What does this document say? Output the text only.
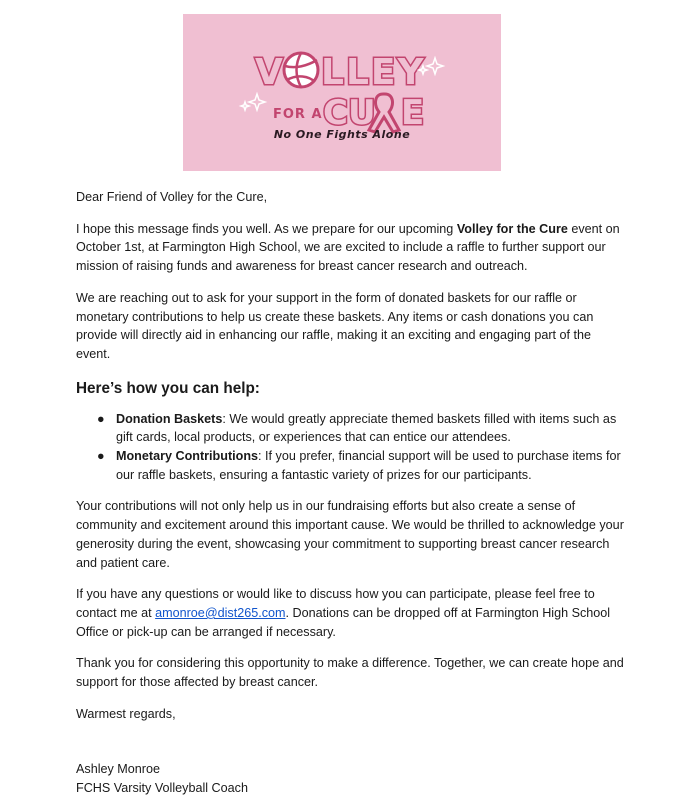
V LLEY
FOR A CU E
No One Fights Alone

Dear Friend of Volley for the Cure,

I hope this message finds you well. As we prepare for our upcoming Volley for the Cure event on October 1st, at Farmington High School, we are excited to include a raffle to further support our mission of raising funds and awareness for breast cancer research and outreach.

We are reaching out to ask for your support in the form of donated baskets for our raffle or monetary contributions to help us create these baskets. Any items or cash donations you can provide will directly aid in enhancing our raffle, making it an exciting and engaging part of the event.

Here’s how you can help:
● Donation Baskets: We would greatly appreciate themed baskets filled with items such as gift cards, local products, or experiences that can entice our attendees.
● Monetary Contributions: If you prefer, financial support will be used to purchase items for our raffle baskets, ensuring a fantastic variety of prizes for our participants.

Your contributions will not only help us in our fundraising efforts but also create a sense of community and excitement around this important cause. We would be thrilled to acknowledge your generosity during the event, showcasing your commitment to supporting breast cancer research and patient care.

If you have any questions or would like to discuss how you can participate, please feel free to contact me at amonroe@dist265.com. Donations can be dropped off at Farmington High School Office or pick-up can be arranged if necessary.

Thank you for considering this opportunity to make a difference. Together, we can create hope and support for those affected by breast cancer.

Warmest regards,

Ashley Monroe
FCHS Varsity Volleyball Coach
